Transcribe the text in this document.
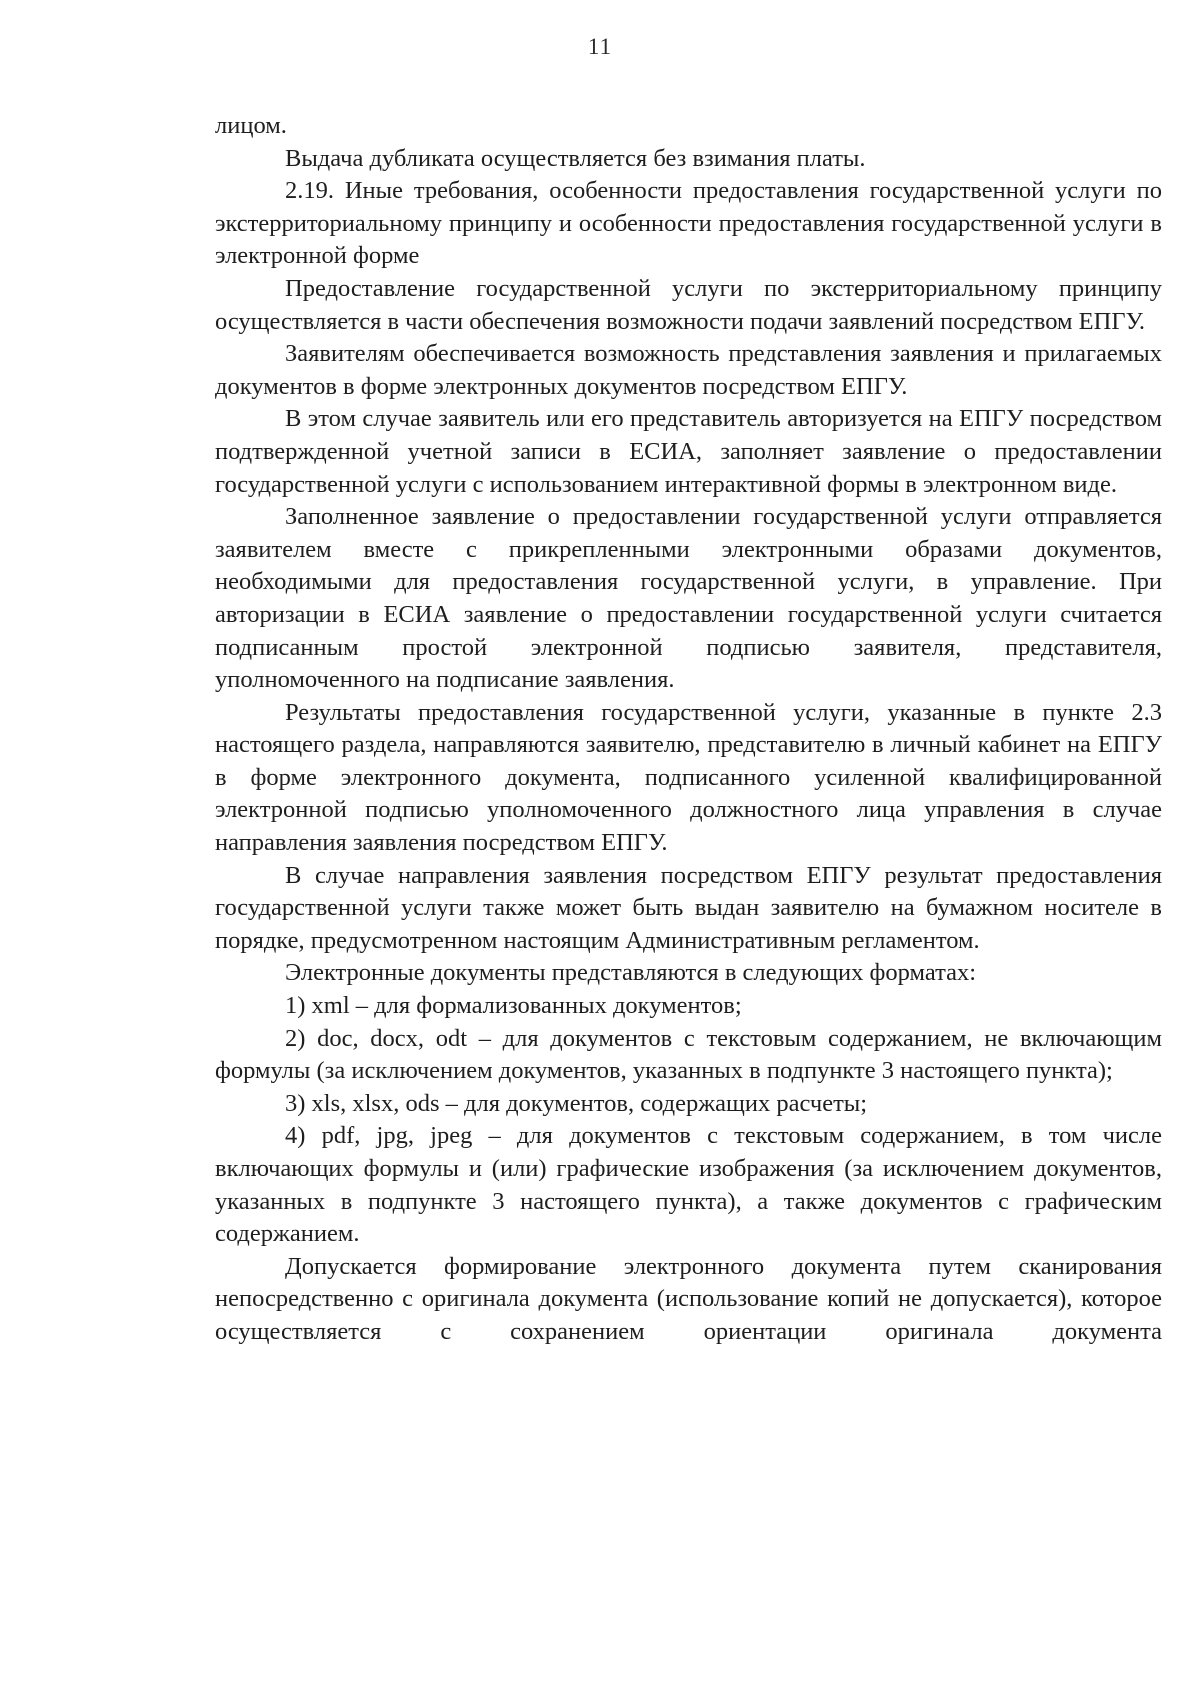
11

лицом.

Выдача дубликата осуществляется без взимания платы.

2.19. Иные требования, особенности предоставления государственной услуги по экстерриториальному принципу и особенности предоставления государственной услуги в электронной форме

Предоставление государственной услуги по экстерриториальному принципу осуществляется в части обеспечения возможности подачи заявлений посредством ЕПГУ.

Заявителям обеспечивается возможность представления заявления и прилагаемых документов в форме электронных документов посредством ЕПГУ.

В этом случае заявитель или его представитель авторизуется на ЕПГУ посредством подтвержденной учетной записи в ЕСИА, заполняет заявление о предоставлении государственной услуги с использованием интерактивной формы в электронном виде.

Заполненное заявление о предоставлении государственной услуги отправляется заявителем вместе с прикрепленными электронными образами документов, необходимыми для предоставления государственной услуги, в управление. При авторизации в ЕСИА заявление о предоставлении государственной услуги считается подписанным простой электронной подписью заявителя, представителя, уполномоченного на подписание заявления.

Результаты предоставления государственной услуги, указанные в пункте 2.3 настоящего раздела, направляются заявителю, представителю в личный кабинет на ЕПГУ в форме электронного документа, подписанного усиленной квалифицированной электронной подписью уполномоченного должностного лица управления в случае направления заявления посредством ЕПГУ.

В случае направления заявления посредством ЕПГУ результат предоставления государственной услуги также может быть выдан заявителю на бумажном носителе в порядке, предусмотренном настоящим Административным регламентом.

Электронные документы представляются в следующих форматах:

1) xml – для формализованных документов;

2) doc, docx, odt – для документов с текстовым содержанием, не включающим формулы (за исключением документов, указанных в подпункте 3 настоящего пункта);

3) xls, xlsx, ods – для документов, содержащих расчеты;

4) pdf, jpg, jpeg – для документов с текстовым содержанием, в том числе включающих формулы и (или) графические изображения (за исключением документов, указанных в подпункте 3 настоящего пункта), а также документов с графическим содержанием.

Допускается формирование электронного документа путем сканирования непосредственно с оригинала документа (использование копий не допускается), которое осуществляется с сохранением ориентации оригинала документа
